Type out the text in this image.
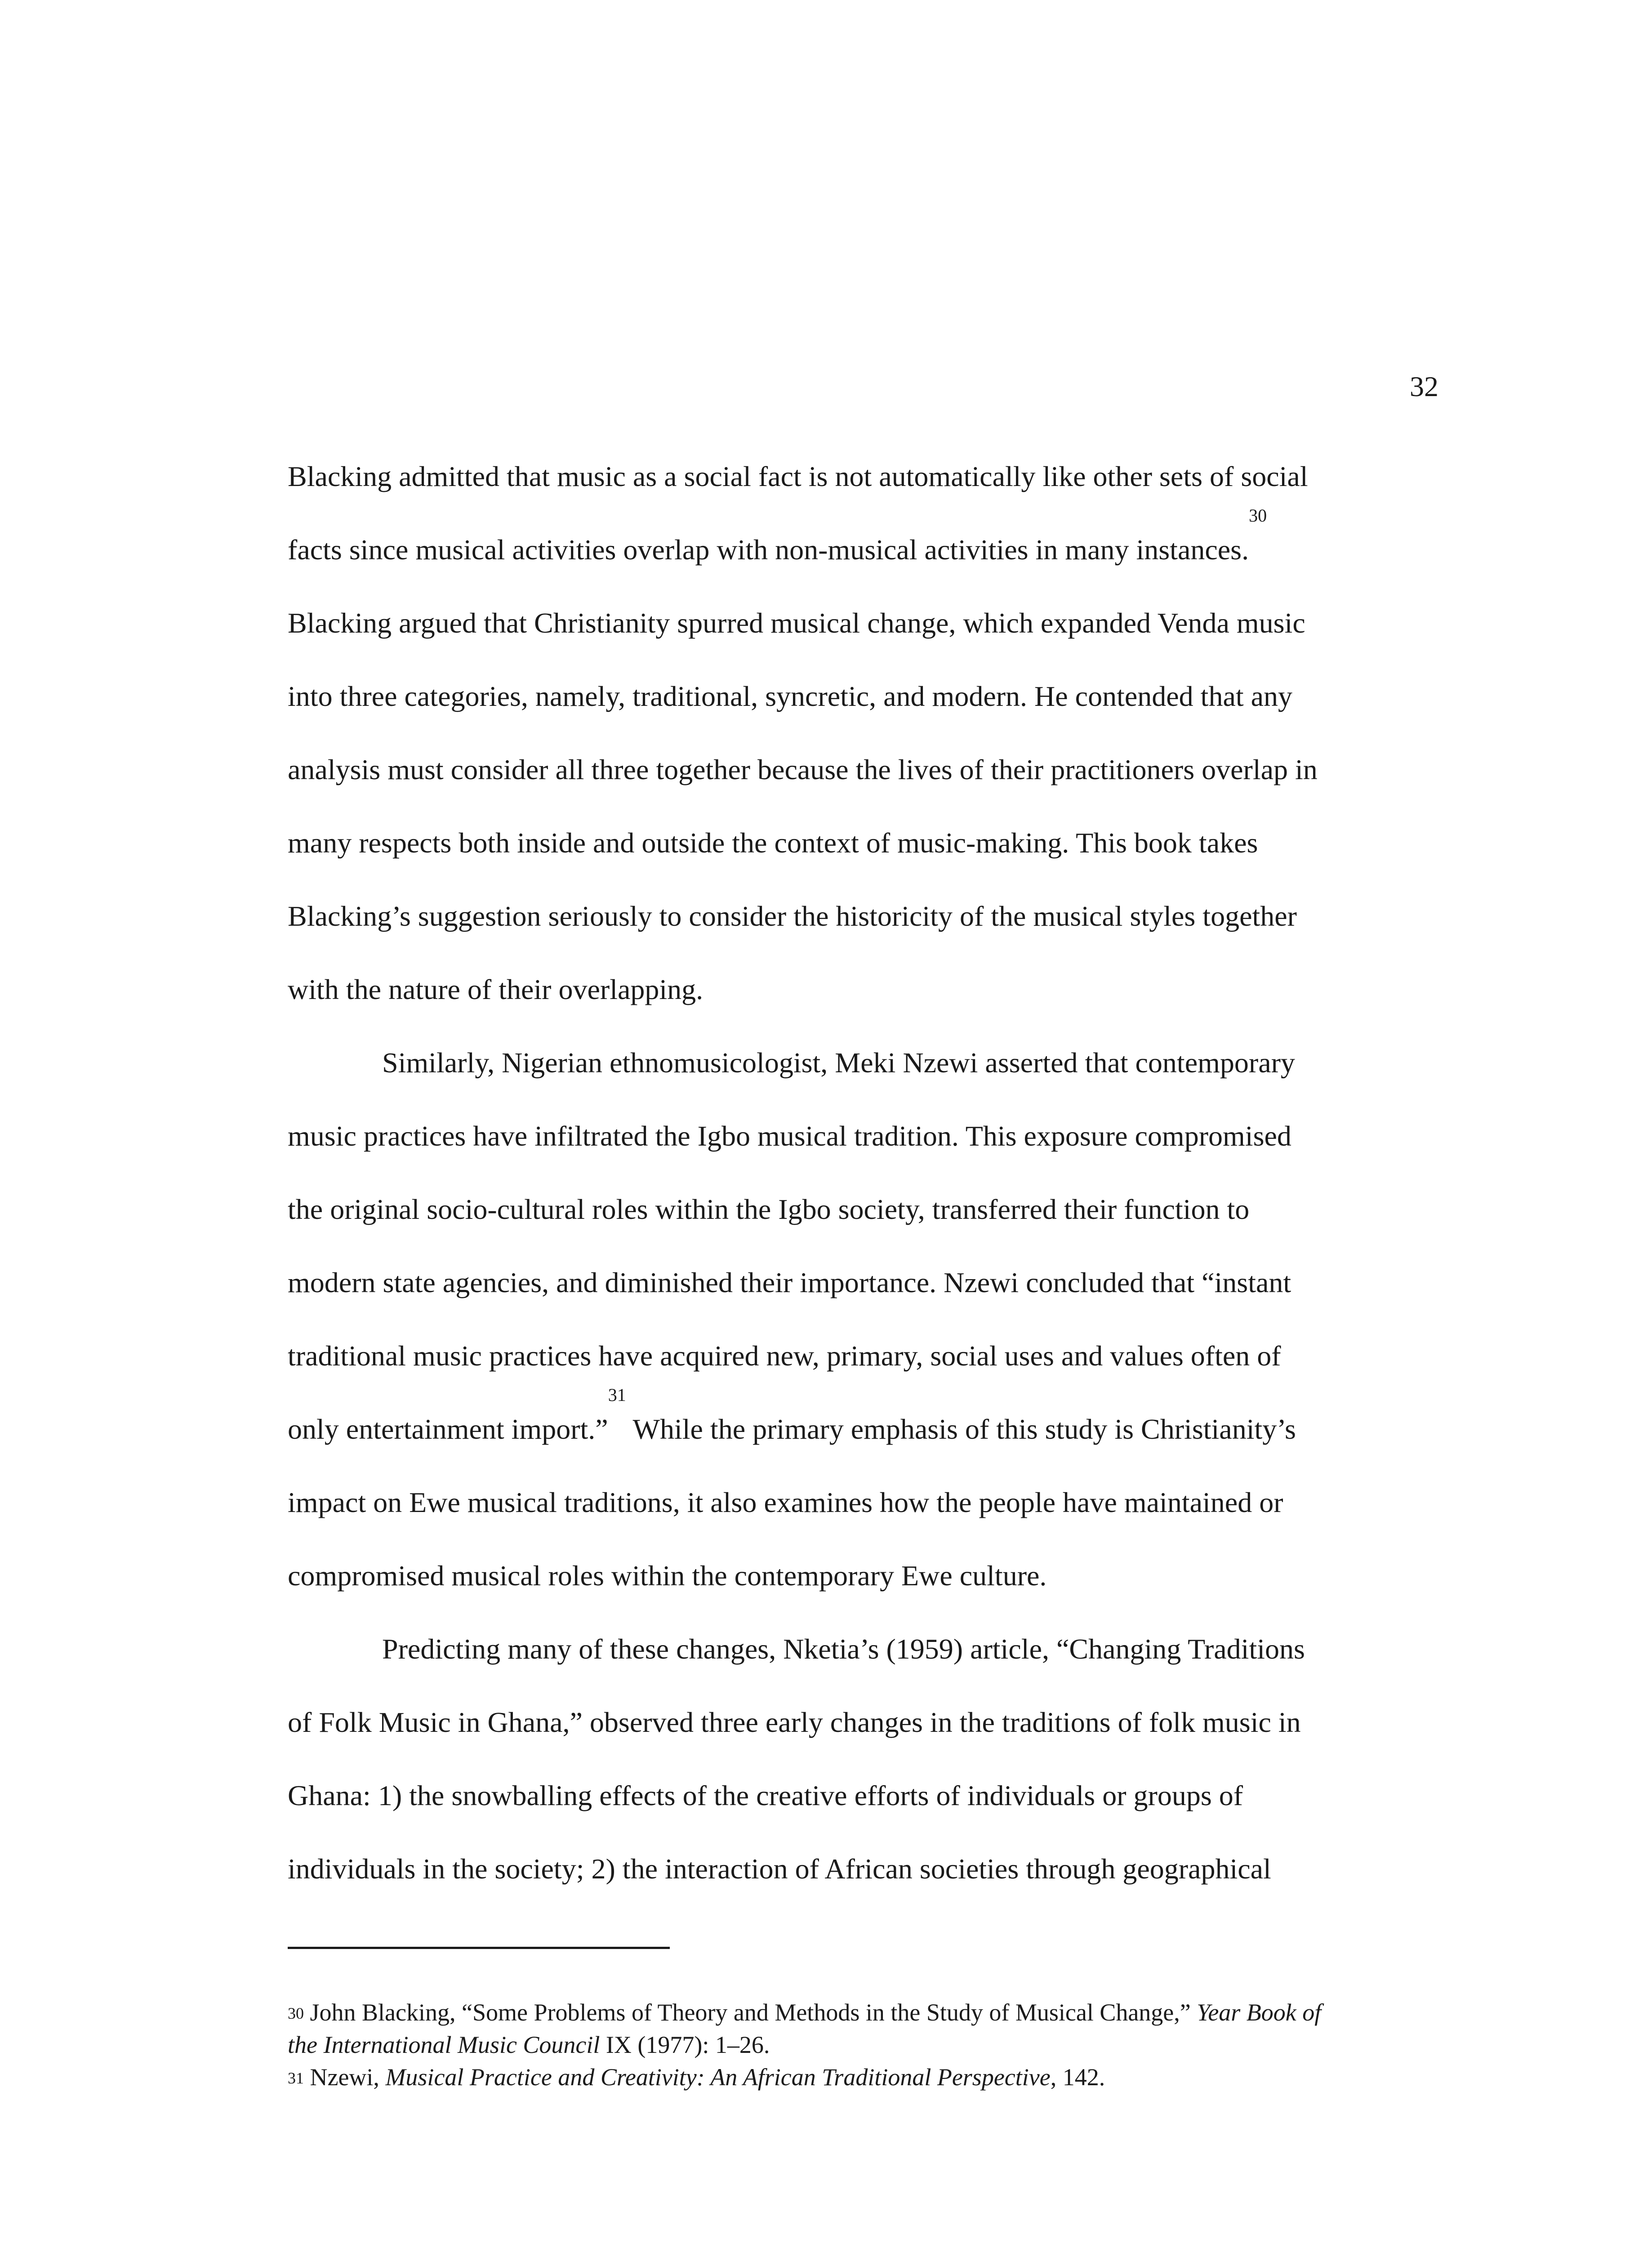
32
Blacking admitted that music as a social fact is not automatically like other sets of social
facts since musical activities overlap with non-musical activities in many instances.$^{30}$
Blacking argued that Christianity spurred musical change, which expanded Venda music
into three categories, namely, traditional, syncretic, and modern. He contended that any
analysis must consider all three together because the lives of their practitioners overlap in
many respects both inside and outside the context of music-making. This book takes
Blacking’s suggestion seriously to consider the historicity of the musical styles together
with the nature of their overlapping.
Similarly, Nigerian ethnomusicologist, Meki Nzewi asserted that contemporary
music practices have infiltrated the Igbo musical tradition. This exposure compromised
the original socio-cultural roles within the Igbo society, transferred their function to
modern state agencies, and diminished their importance. Nzewi concluded that “instant
traditional music practices have acquired new, primary, social uses and values often of
only entertainment import.”$^{31}$ While the primary emphasis of this study is Christianity’s
impact on Ewe musical traditions, it also examines how the people have maintained or
compromised musical roles within the contemporary Ewe culture.
Predicting many of these changes, Nketia’s (1959) article, “Changing Traditions
of Folk Music in Ghana,” observed three early changes in the traditions of folk music in
Ghana: 1) the snowballing effects of the creative efforts of individuals or groups of
individuals in the society; 2) the interaction of African societies through geographical
$^{30}$ John Blacking, “Some Problems of Theory and Methods in the Study of Musical Change,” Year Book of
the International Music Council IX (1977): 1–26.
$^{31}$ Nzewi, Musical Practice and Creativity: An African Traditional Perspective, 142.
